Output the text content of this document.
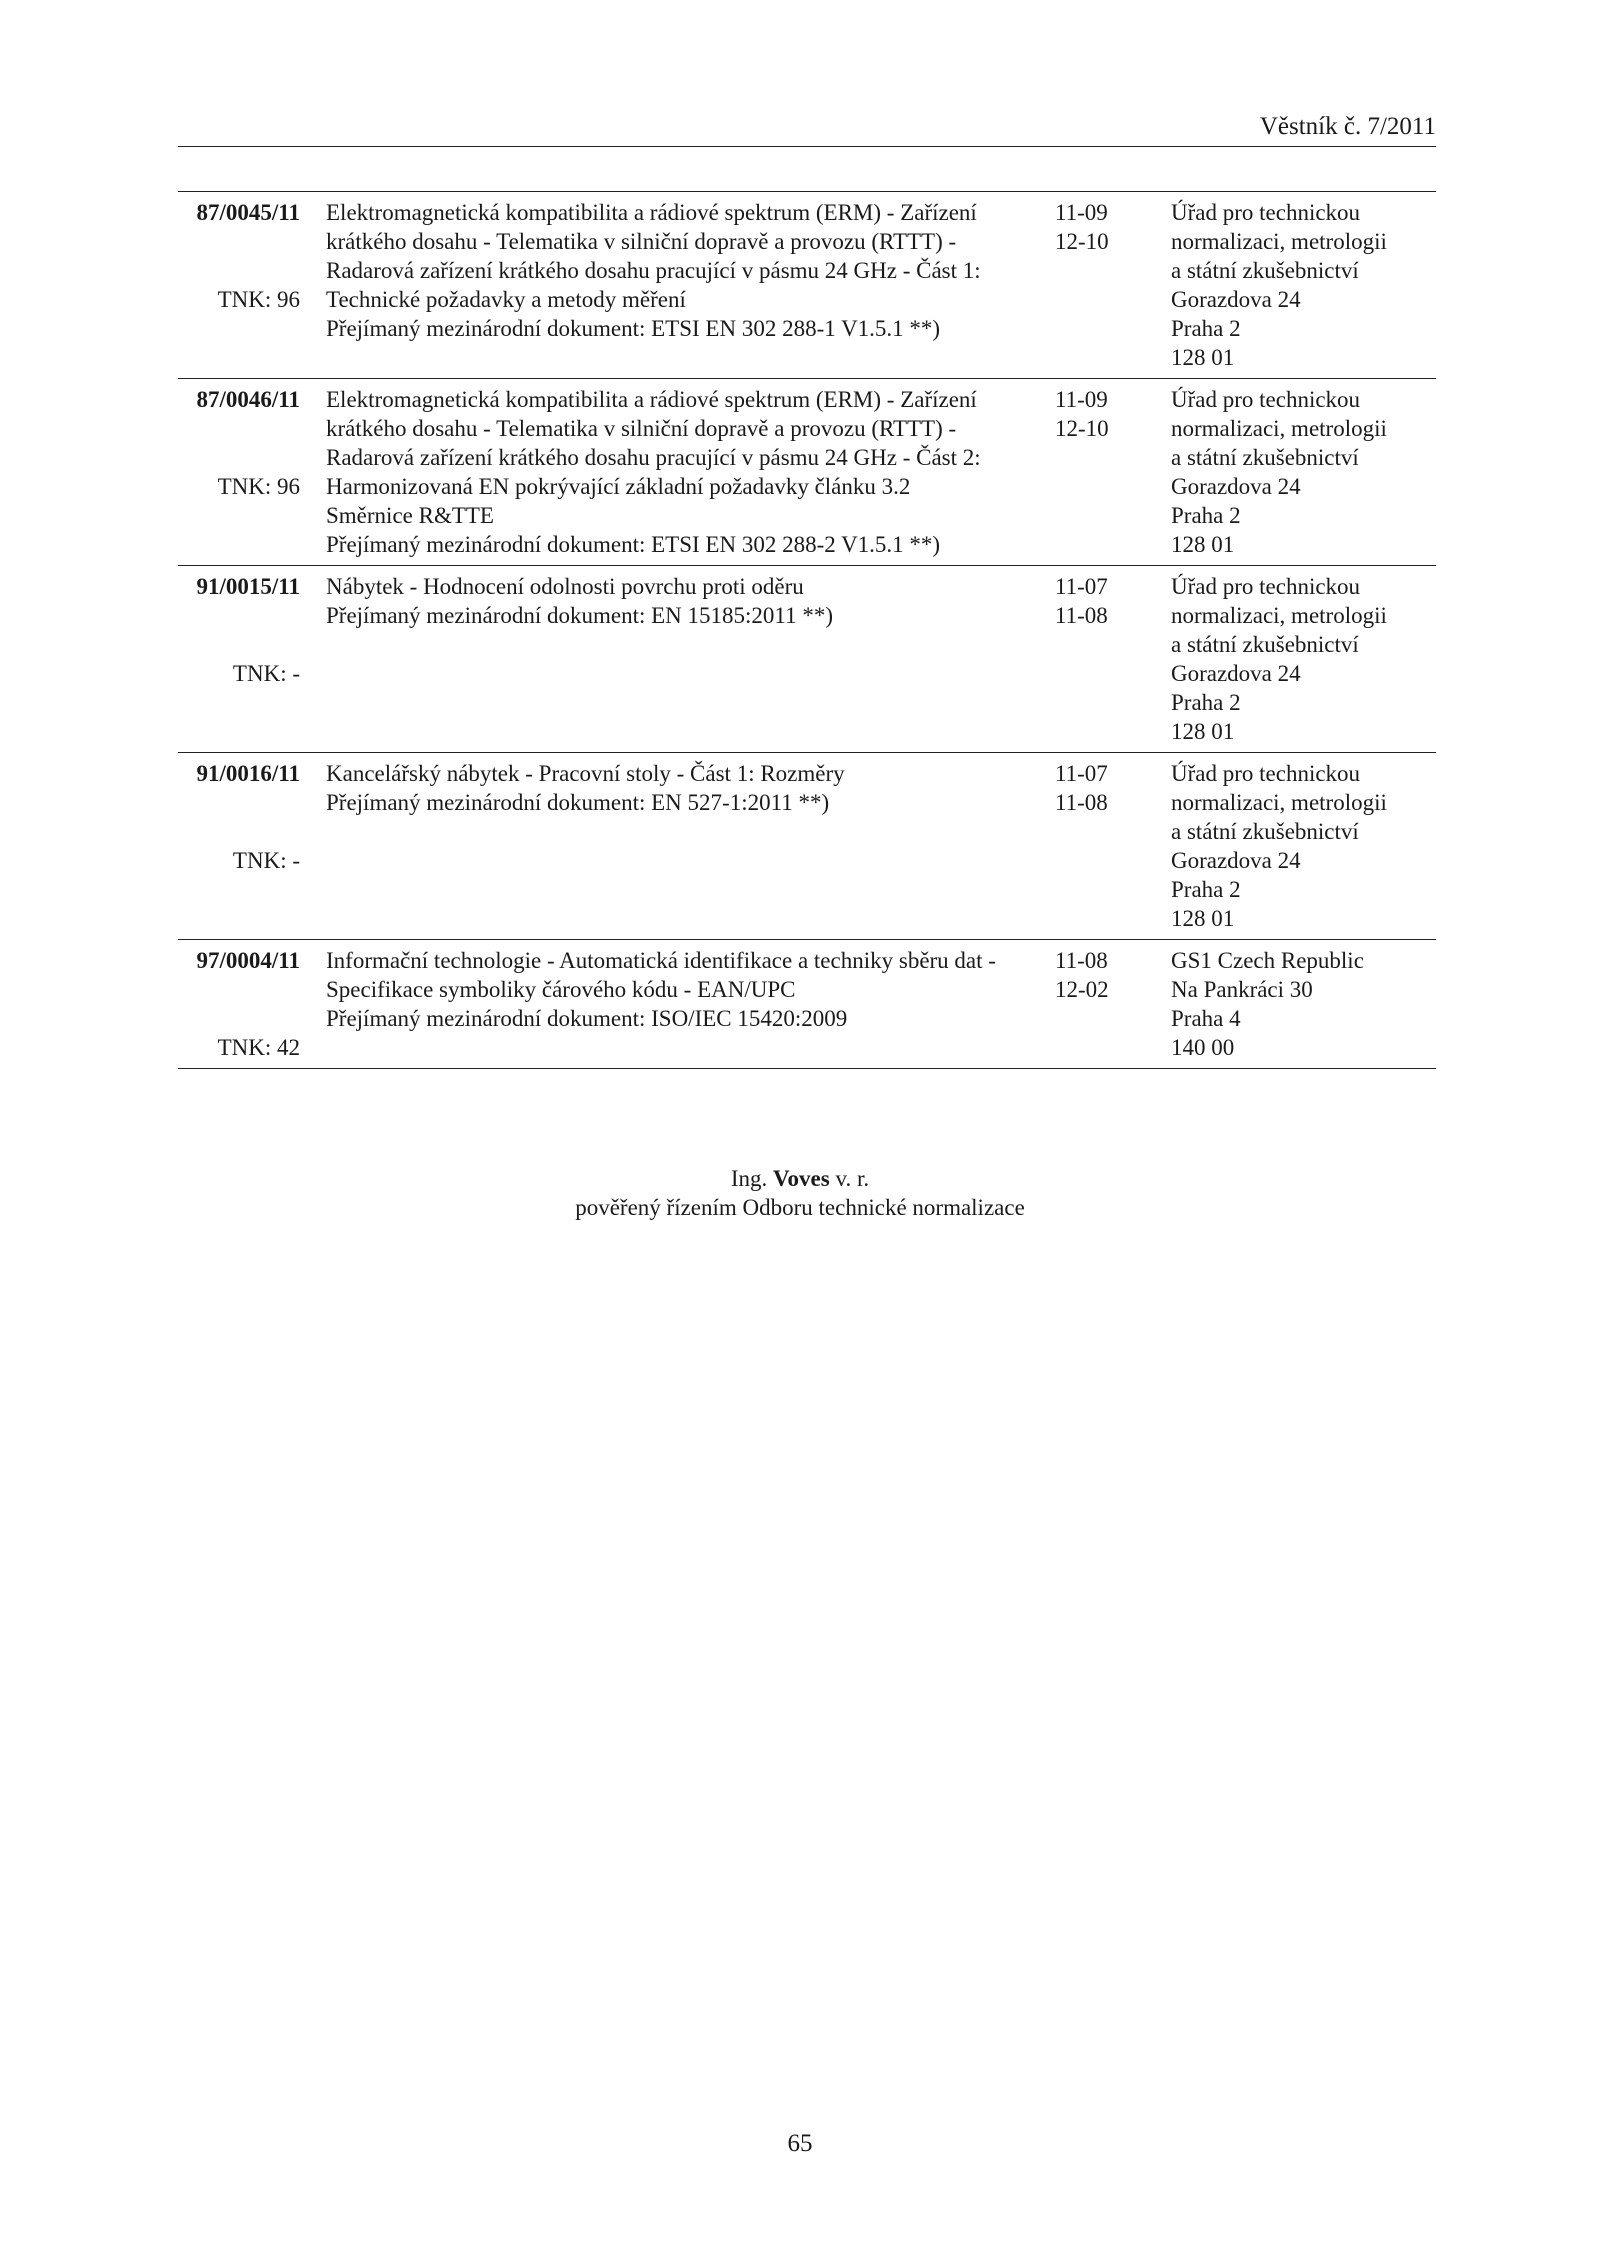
Věstník č. 7/2011
87/0045/11
TNK: 96
Elektromagnetická kompatibilita a rádiové spektrum (ERM) - Zařízení
krátkého dosahu - Telematika v silniční dopravě a provozu (RTTT) -
Radarová zařízení krátkého dosahu pracující v pásmu 24 GHz - Část 1:
Technické požadavky a metody měření
Přejímaný mezinárodní dokument: ETSI EN 302 288-1 V1.5.1 **)
11-09
12-10
Úřad pro technickou
normalizaci, metrologii
a státní zkušebnictví
Gorazdova 24
Praha 2
128 01
87/0046/11
TNK: 96
Elektromagnetická kompatibilita a rádiové spektrum (ERM) - Zařízení
krátkého dosahu - Telematika v silniční dopravě a provozu (RTTT) -
Radarová zařízení krátkého dosahu pracující v pásmu 24 GHz - Část 2:
Harmonizovaná EN pokrývající základní požadavky článku 3.2
Směrnice R&TTE
Přejímaný mezinárodní dokument: ETSI EN 302 288-2 V1.5.1 **)
11-09
12-10
Úřad pro technickou
normalizaci, metrologii
a státní zkušebnictví
Gorazdova 24
Praha 2
128 01
91/0015/11
TNK: -
Nábytek - Hodnocení odolnosti povrchu proti oděru
Přejímaný mezinárodní dokument: EN 15185:2011 **)
11-07
11-08
Úřad pro technickou
normalizaci, metrologii
a státní zkušebnictví
Gorazdova 24
Praha 2
128 01
91/0016/11
TNK: -
Kancelářský nábytek - Pracovní stoly - Část 1: Rozměry
Přejímaný mezinárodní dokument: EN 527-1:2011 **)
11-07
11-08
Úřad pro technickou
normalizaci, metrologii
a státní zkušebnictví
Gorazdova 24
Praha 2
128 01
97/0004/11
TNK: 42
Informační technologie - Automatická identifikace a techniky sběru dat -
Specifikace symboliky čárového kódu - EAN/UPC
Přejímaný mezinárodní dokument: ISO/IEC 15420:2009
11-08
12-02
GS1 Czech Republic
Na Pankráci 30
Praha 4
140 00
Ing. Voves v. r.
pověřený řízením Odboru technické normalizace
65
